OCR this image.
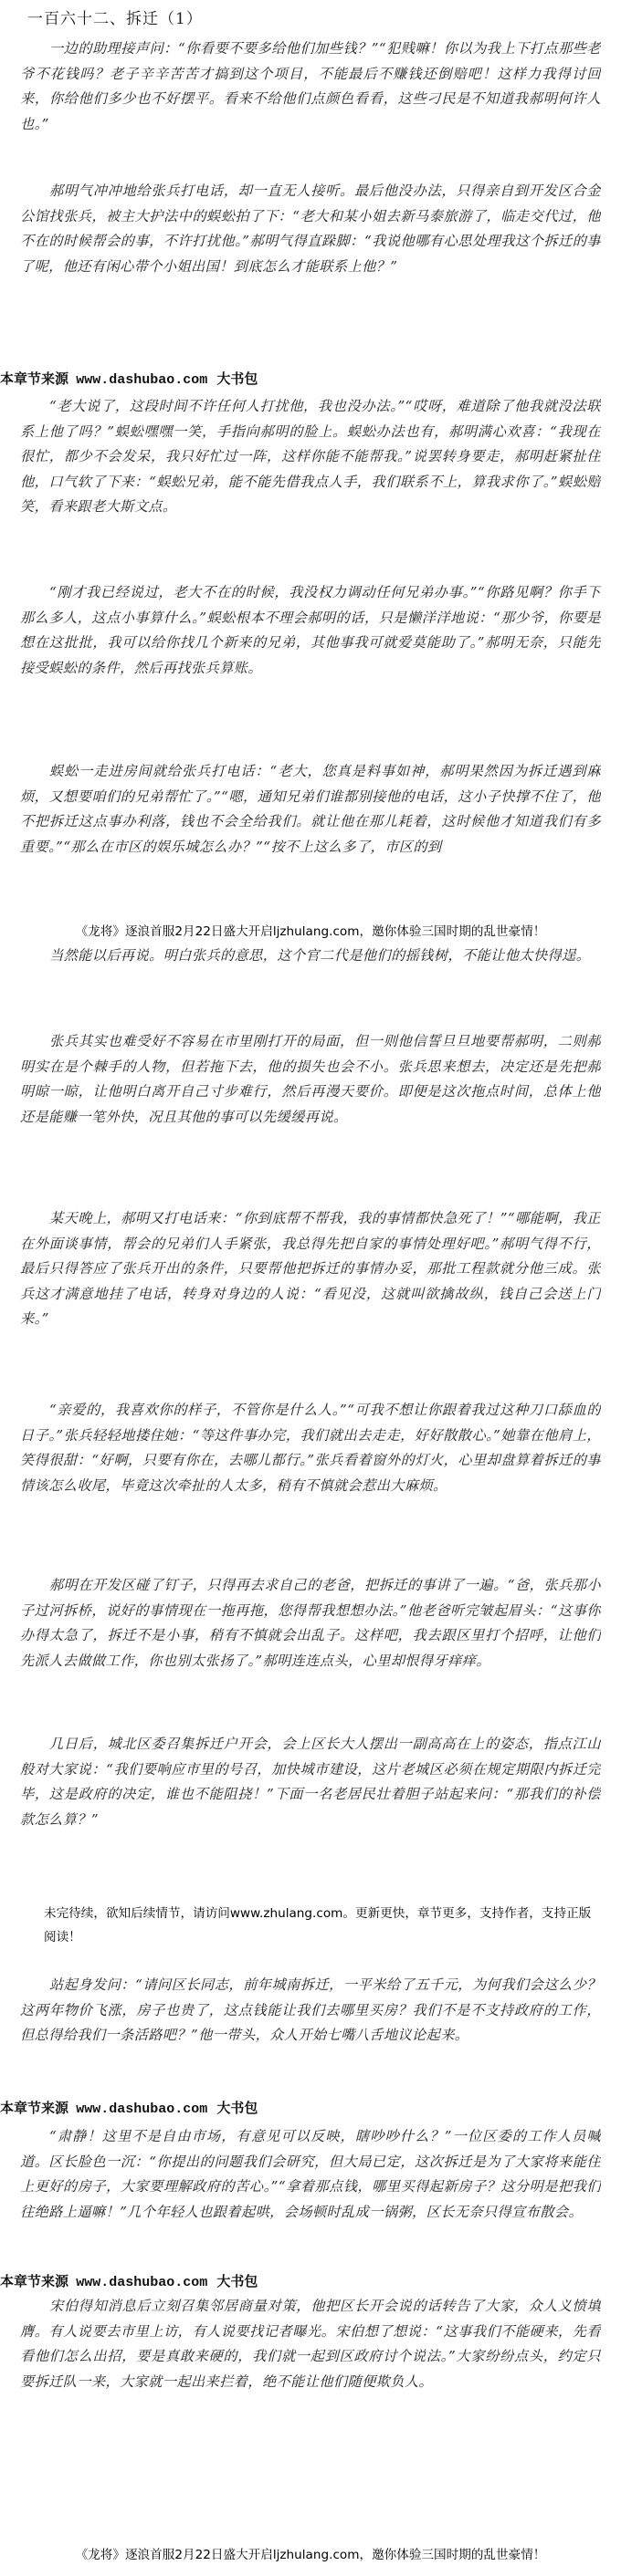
一百六十二、拆迁（1）

一边的助理接声问：“你看要不要多给他们加些钱？”“犯贱嘛！你以为我上下打点那些老爷不花钱吗？老子辛辛苦苦才搞到这个项目，不能最后不赚钱还倒赔吧！这样力我得讨回来，你给他们多少也不好摆平。看来不给他们点颜色看看，这些刁民是不知道我郝明何许人也。”

郝明气冲冲地给张兵打电话，却一直无人接听。最后他没办法，只得亲自到开发区合金公馆找张兵，被主大护法中的蜈蚣拍了下：“老大和某小姐去新马泰旅游了，临走交代过，他不在的时候帮会的事，不许打扰他。”郝明气得直跺脚：“我说他哪有心思处理我这个拆迁的事了呢，他还有闲心带个小姐出国！到底怎么才能联系上他？”

本章节来源 www.dashubao.com 大书包

“老大说了，这段时间不许任何人打扰他，我也没办法。”“哎呀，难道除了他我就没法联系上他了吗？”蜈蚣嘿嘿一笑，手指向郝明的脸上。蜈蚣办法也有，郝明满心欢喜：“我现在很忙，都少不会发呆，我只好忙过一阵，这样你能不能帮我。”说罢转身要走，郝明赶紧扯住他，口气软了下来：“蜈蚣兄弟，能不能先借我点人手，我们联系不上，算我求你了。”蜈蚣赔笑，看来跟老大斯文点。

“刚才我已经说过，老大不在的时候，我没权力调动任何兄弟办事。”“你路见啊？你手下那么多人，这点小事算什么。”蜈蚣根本不理会郝明的话，只是懒洋洋地说：“那少爷，你要是想在这批批，我可以给你找几个新来的兄弟，其他事我可就爱莫能助了。”郝明无奈，只能先接受蜈蚣的条件，然后再找张兵算账。

蜈蚣一走进房间就给张兵打电话：“老大，您真是料事如神，郝明果然因为拆迁遇到麻烦，又想要咱们的兄弟帮忙了。”“嗯，通知兄弟们谁都别接他的电话，这小子快撑不住了，他不把拆迁这点事办利落，钱也不会全给我们。就让他在那儿耗着，这时候他才知道我们有多重要。”“那么在市区的娱乐城怎么办？”“按不上这么多了，市区的到

《龙将》逐浪首服2月22日盛大开启ljzhulang.com，邀你体验三国时期的乱世豪情！

当然能以后再说。明白张兵的意思，这个官二代是他们的摇钱树，不能让他太快得逞。

张兵其实也难受好不容易在市里刚打开的局面，但一则他信誓旦旦地要帮郝明，二则郝明实在是个棘手的人物，但若拖下去，他的损失也会不小。张兵思来想去，决定还是先把郝明晾一晾，让他明白离开自己寸步难行，然后再漫天要价。即便是这次拖点时间，总体上他还是能赚一笔外快，况且其他的事可以先缓缓再说。

某天晚上，郝明又打电话来：“你到底帮不帮我，我的事情都快急死了！”“哪能啊，我正在外面谈事情，帮会的兄弟们人手紧张，我总得先把自家的事情处理好吧。”郝明气得不行，最后只得答应了张兵开出的条件，只要帮他把拆迁的事情办妥，那批工程款就分他三成。张兵这才满意地挂了电话，转身对身边的人说：“看见没，这就叫欲擒故纵，钱自己会送上门来。”

“亲爱的，我喜欢你的样子，不管你是什么人。”“可我不想让你跟着我过这种刀口舔血的日子。”张兵轻轻地搂住她：“等这件事办完，我们就出去走走，好好散散心。”她靠在他肩上，笑得很甜：“好啊，只要有你在，去哪儿都行。”张兵看着窗外的灯火，心里却盘算着拆迁的事情该怎么收尾，毕竟这次牵扯的人太多，稍有不慎就会惹出大麻烦。

郝明在开发区碰了钉子，只得再去求自己的老爸，把拆迁的事讲了一遍。“爸，张兵那小子过河拆桥，说好的事情现在一拖再拖，您得帮我想想办法。”他老爸听完皱起眉头：“这事你办得太急了，拆迁不是小事，稍有不慎就会出乱子。这样吧，我去跟区里打个招呼，让他们先派人去做做工作，你也别太张扬了。”郝明连连点头，心里却恨得牙痒痒。

几日后，城北区委召集拆迁户开会，会上区长大人摆出一副高高在上的姿态，指点江山般对大家说：“我们要响应市里的号召，加快城市建设，这片老城区必须在规定期限内拆迁完毕，这是政府的决定，谁也不能阻挠！”下面一名老居民壮着胆子站起来问：“那我们的补偿款怎么算？”

未完待续，欲知后续情节，请访问www.zhulang.com。更新更快，章节更多，支持作者，支持正版阅读！

站起身发问：“请问区长同志，前年城南拆迁，一平米给了五千元，为何我们会这么少？这两年物价飞涨，房子也贵了，这点钱能让我们去哪里买房？我们不是不支持政府的工作，但总得给我们一条活路吧？”他一带头，众人开始七嘴八舌地议论起来。

本章节来源 www.dashubao.com 大书包

“肃静！这里不是自由市场，有意见可以反映，瞎吵吵什么？”一位区委的工作人员喊道。区长脸色一沉：“你提出的问题我们会研究，但大局已定，这次拆迁是为了大家将来能住上更好的房子，大家要理解政府的苦心。”“拿着那点钱，哪里买得起新房子？这分明是把我们往绝路上逼嘛！”几个年轻人也跟着起哄，会场顿时乱成一锅粥，区长无奈只得宣布散会。

本章节来源 www.dashubao.com 大书包

宋伯得知消息后立刻召集邻居商量对策，他把区长开会说的话转告了大家，众人义愤填膺。有人说要去市里上访，有人说要找记者曝光。宋伯想了想说：“这事我们不能硬来，先看看他们怎么出招，要是真敢来硬的，我们就一起到区政府讨个说法。”大家纷纷点头，约定只要拆迁队一来，大家就一起出来拦着，绝不能让他们随便欺负人。

《龙将》逐浪首服2月22日盛大开启ljzhulang.com，邀你体验三国时期的乱世豪情！
